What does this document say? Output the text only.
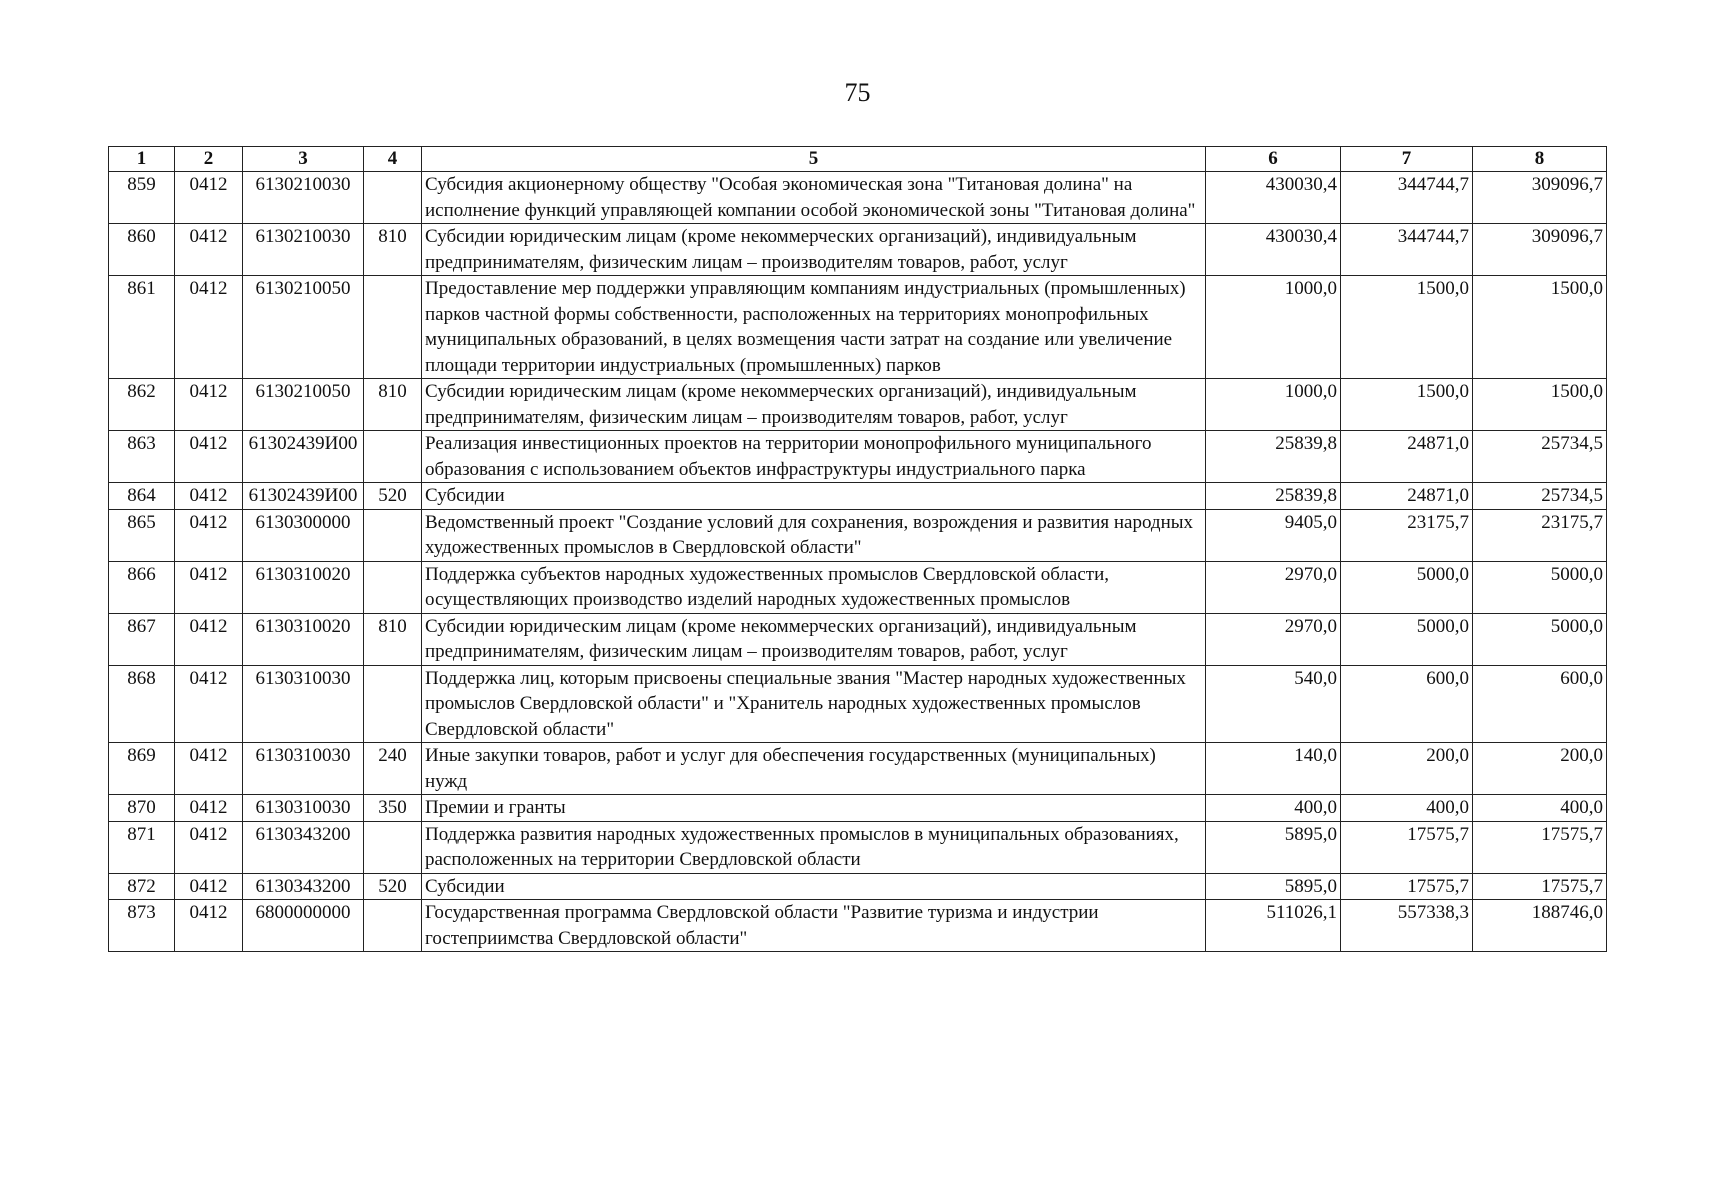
75
1	2	3	4	5	6	7	8
859	0412	6130210030		Субсидия акционерному обществу "Особая экономическая зона "Титановая долина" на исполнение функций управляющей компании особой экономической зоны "Титановая долина"	430030,4	344744,7	309096,7
860	0412	6130210030	810	Субсидии юридическим лицам (кроме некоммерческих организаций), индивидуальным предпринимателям, физическим лицам – производителям товаров, работ, услуг	430030,4	344744,7	309096,7
861	0412	6130210050		Предоставление мер поддержки управляющим компаниям индустриальных (промышленных) парков частной формы собственности, расположенных на территориях монопрофильных муниципальных образований, в целях возмещения части затрат на создание или увеличение площади территории индустриальных (промышленных) парков	1000,0	1500,0	1500,0
862	0412	6130210050	810	Субсидии юридическим лицам (кроме некоммерческих организаций), индивидуальным предпринимателям, физическим лицам – производителям товаров, работ, услуг	1000,0	1500,0	1500,0
863	0412	61302439И00		Реализация инвестиционных проектов на территории монопрофильного муниципального образования с использованием объектов инфраструктуры индустриального парка	25839,8	24871,0	25734,5
864	0412	61302439И00	520	Субсидии	25839,8	24871,0	25734,5
865	0412	6130300000		Ведомственный проект "Создание условий для сохранения, возрождения и развития народных художественных промыслов в Свердловской области"	9405,0	23175,7	23175,7
866	0412	6130310020		Поддержка субъектов народных художественных промыслов Свердловской области, осуществляющих производство изделий народных художественных промыслов	2970,0	5000,0	5000,0
867	0412	6130310020	810	Субсидии юридическим лицам (кроме некоммерческих организаций), индивидуальным предпринимателям, физическим лицам – производителям товаров, работ, услуг	2970,0	5000,0	5000,0
868	0412	6130310030		Поддержка лиц, которым присвоены специальные звания "Мастер народных художественных промыслов Свердловской области" и "Хранитель народных художественных промыслов Свердловской области"	540,0	600,0	600,0
869	0412	6130310030	240	Иные закупки товаров, работ и услуг для обеспечения государственных (муниципальных) нужд	140,0	200,0	200,0
870	0412	6130310030	350	Премии и гранты	400,0	400,0	400,0
871	0412	6130343200		Поддержка развития народных художественных промыслов в муниципальных образованиях, расположенных на территории Свердловской области	5895,0	17575,7	17575,7
872	0412	6130343200	520	Субсидии	5895,0	17575,7	17575,7
873	0412	6800000000		Государственная программа Свердловской области "Развитие туризма и индустрии гостеприимства Свердловской области"	511026,1	557338,3	188746,0
